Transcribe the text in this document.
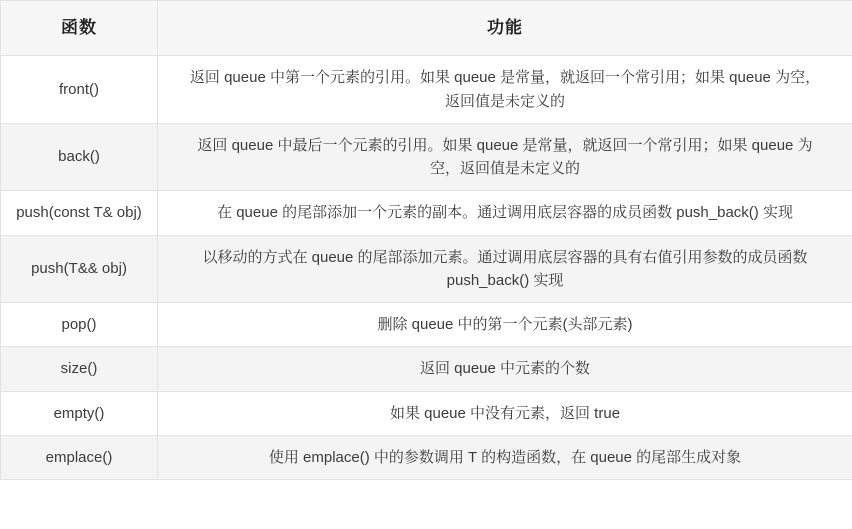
函数	功能
front()	返回 queue 中第一个元素的引用。如果 queue 是常量，就返回一个常引用；如果 queue 为空，返回值是未定义的
back()	返回 queue 中最后一个元素的引用。如果 queue 是常量，就返回一个常引用；如果 queue 为空，返回值是未定义的
push(const T& obj)	在 queue 的尾部添加一个元素的副本。通过调用底层容器的成员函数 push_back() 实现
push(T&& obj)	以移动的方式在 queue 的尾部添加元素。通过调用底层容器的具有右值引用参数的成员函数 push_back() 实现
pop()	删除 queue 中的第一个元素(头部元素)
size()	返回 queue 中元素的个数
empty()	如果 queue 中没有元素，返回 true
emplace()	使用 emplace() 中的参数调用 T 的构造函数，在 queue 的尾部生成对象
